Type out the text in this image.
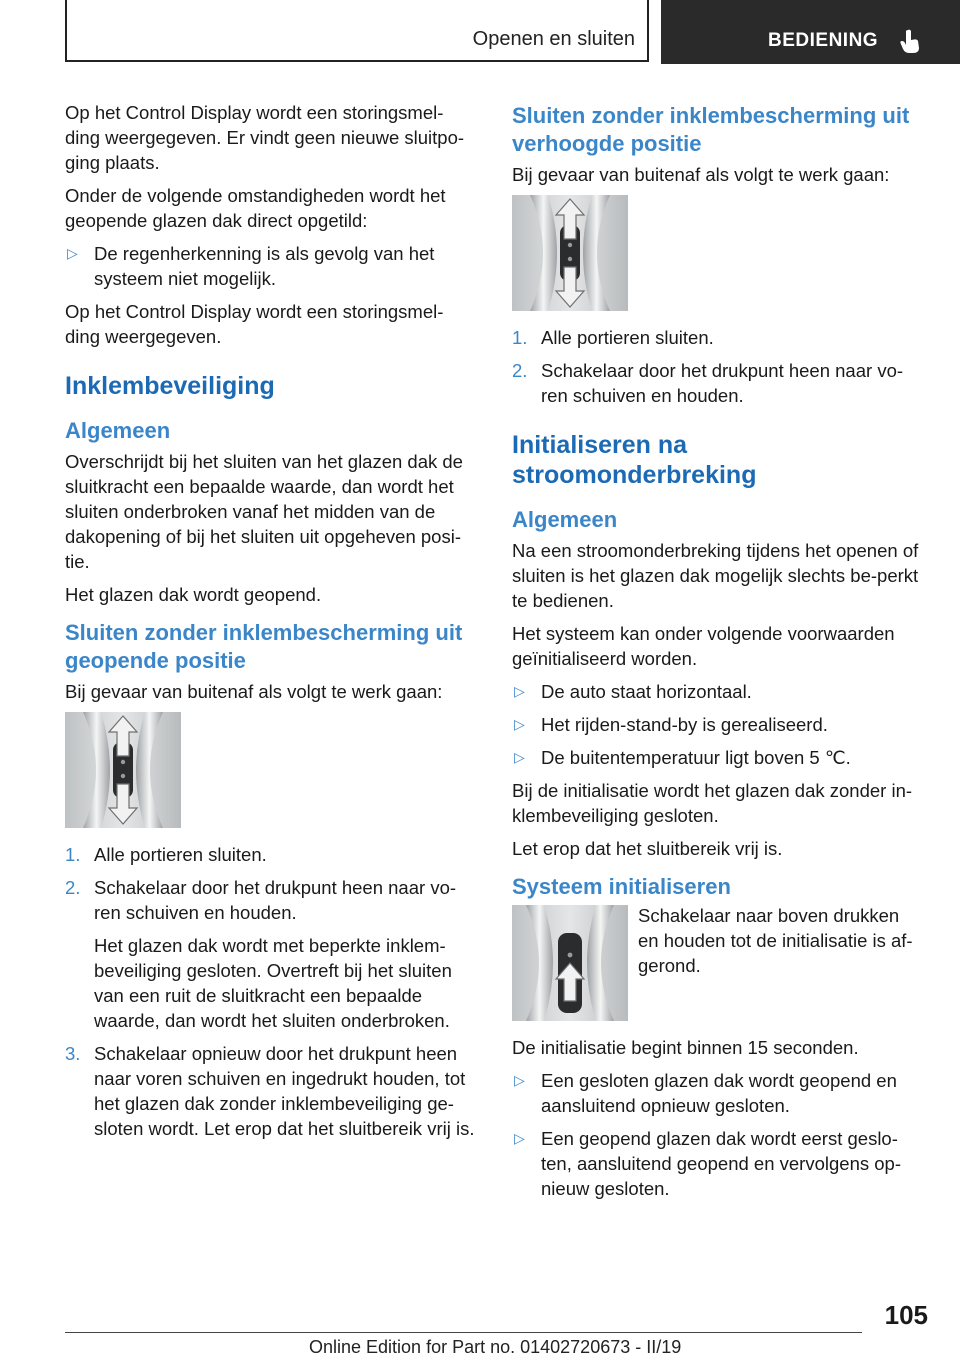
Openen en sluiten	BEDIENING

Op het Control Display wordt een storingsmel-ding weergegeven. Er vindt geen nieuwe sluitpo-ging plaats.

Onder de volgende omstandigheden wordt het geopende glazen dak direct opgetild:

▷ De regenherkenning is als gevolg van het systeem niet mogelijk.

Op het Control Display wordt een storingsmel-ding weergegeven.

Inklembeveiliging
Algemeen

Overschrijdt bij het sluiten van het glazen dak de sluitkracht een bepaalde waarde, dan wordt het sluiten onderbroken vanaf het midden van de dakopening of bij het sluiten uit opgeheven posi-tie.

Het glazen dak wordt geopend.

Sluiten zonder inklembescherming uit geopende positie

Bij gevaar van buitenaf als volgt te werk gaan:

1. Alle portieren sluiten.
2. Schakelaar door het drukpunt heen naar vo-ren schuiven en houden.

Het glazen dak wordt met beperkte inklem-beveiliging gesloten. Overtreft bij het sluiten van een ruit de sluitkracht een bepaalde waarde, dan wordt het sluiten onderbroken.

3. Schakelaar opnieuw door het drukpunt heen naar voren schuiven en ingedrukt houden, tot het glazen dak zonder inklembeveiliging ge-sloten wordt. Let erop dat het sluitbereik vrij is.
Sluiten zonder inklembescherming uit verhoogde positie

Bij gevaar van buitenaf als volgt te werk gaan:

1. Alle portieren sluiten.
2. Schakelaar door het drukpunt heen naar vo-ren schuiven en houden.
Initialiseren na stroomonderbreking
Algemeen

Na een stroomonderbreking tijdens het openen of sluiten is het glazen dak mogelijk slechts be-perkt te bedienen.

Het systeem kan onder volgende voorwaarden geïnitialiseerd worden.

▷ De auto staat horizontaal.
▷ Het rijden-stand-by is gerealiseerd.
▷ De buitentemperatuur ligt boven 5 ℃.

Bij de initialisatie wordt het glazen dak zonder in-klembeveiliging gesloten.

Let erop dat het sluitbereik vrij is.

Systeem initialiseren

Schakelaar naar boven drukken en houden tot de initialisatie is af-gerond.

De initialisatie begint binnen 15 seconden.

▷ Een gesloten glazen dak wordt geopend en aansluitend opnieuw gesloten.
▷ Een geopend glazen dak wordt eerst geslo-ten, aansluitend geopend en vervolgens op-nieuw gesloten.
105
Online Edition for Part no. 01402720673 - II/19
